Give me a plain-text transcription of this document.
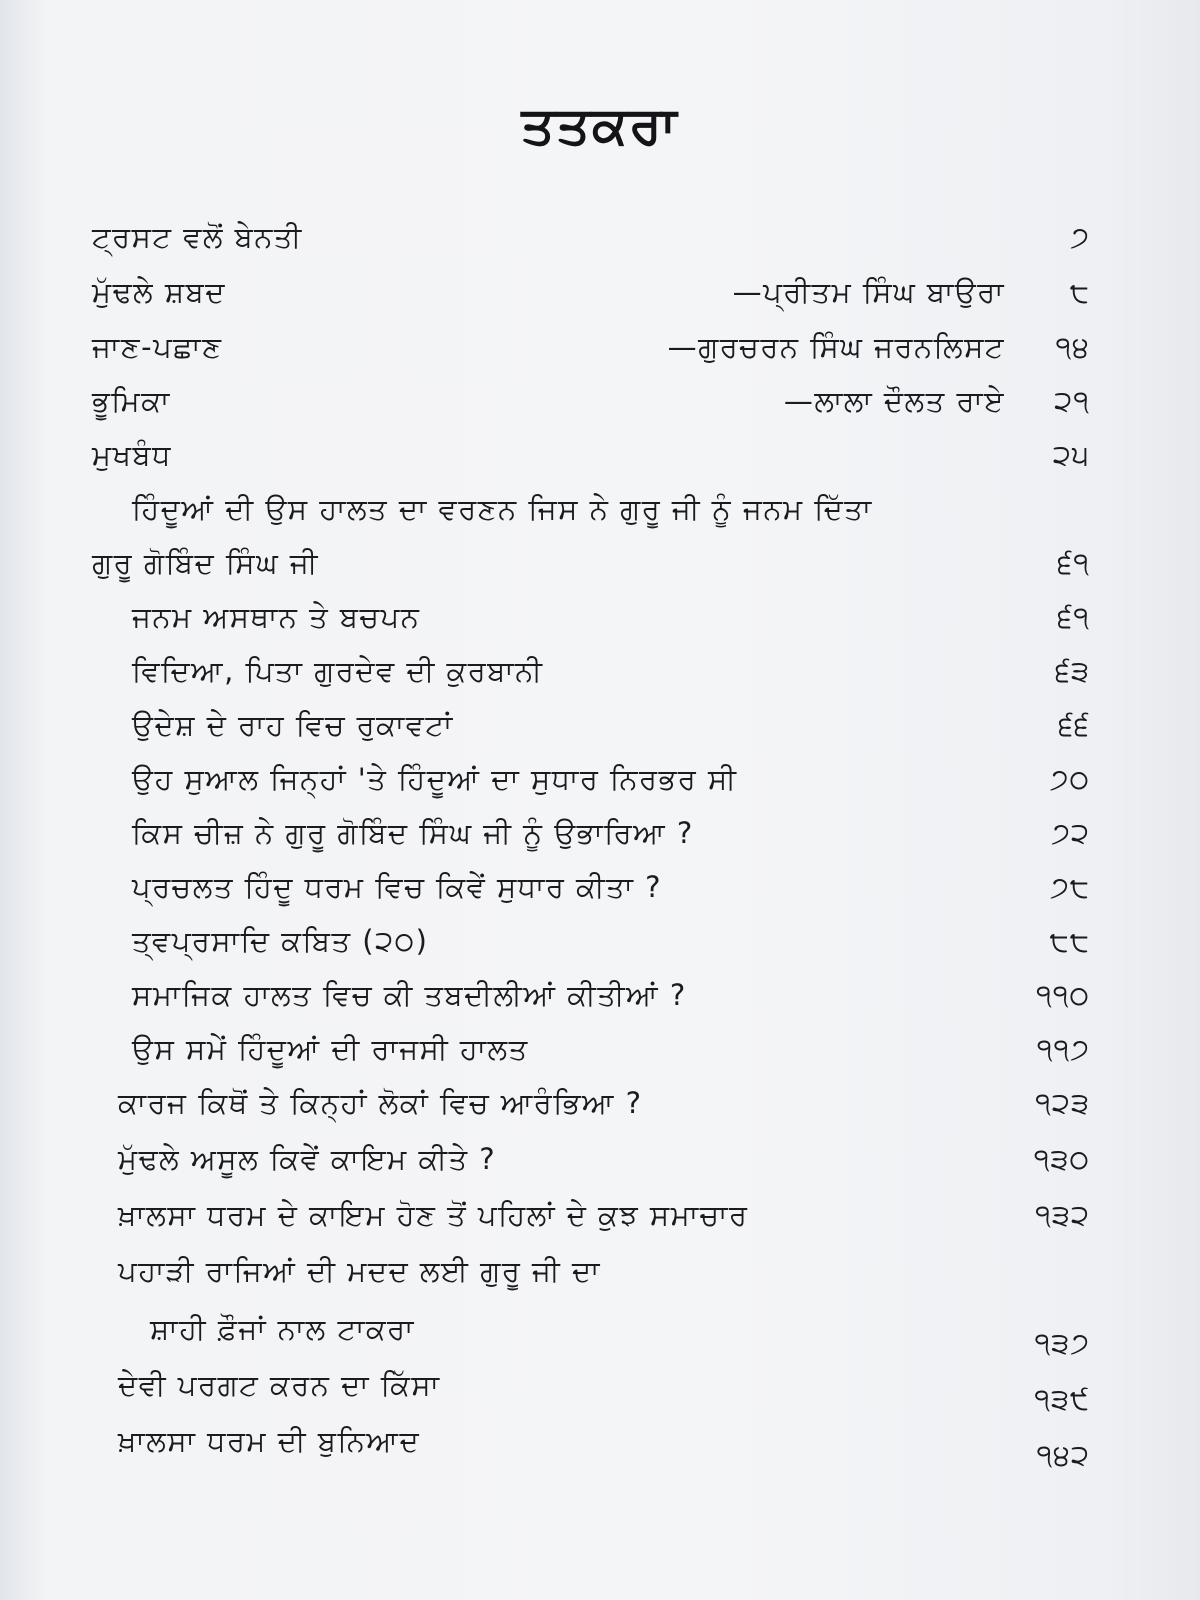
ਤਤਕਰਾ
ਟ੍ਰਸਟ ਵਲੋਂ ਬੇਨਤੀ	੭
ਮੁੱਢਲੇ ਸ਼ਬਦ	—ਪ੍ਰੀਤਮ ਸਿੰਘ ਬਾਉਰਾ ੮
ਜਾਣ-ਪਛਾਣ	—ਗੁਰਚਰਨ ਸਿੰਘ ਜਰਨਲਿਸਟ ੧੪
ਭੂਮਿਕਾ	—ਲਾਲਾ ਦੌਲਤ ਰਾਏ ੨੧
ਮੁਖਬੰਧ	੨੫
ਹਿੰਦੂਆਂ ਦੀ ਉਸ ਹਾਲਤ ਦਾ ਵਰਣਨ ਜਿਸ ਨੇ ਗੁਰੂ ਜੀ ਨੂੰ ਜਨਮ ਦਿੱਤਾ
ਗੁਰੂ ਗੋਬਿੰਦ ਸਿੰਘ ਜੀ	੬੧
ਜਨਮ ਅਸਥਾਨ ਤੇ ਬਚਪਨ	੬੧
ਵਿਦਿਆ, ਪਿਤਾ ਗੁਰਦੇਵ ਦੀ ਕੁਰਬਾਨੀ	੬੩
ਉਦੇਸ਼ ਦੇ ਰਾਹ ਵਿਚ ਰੁਕਾਵਟਾਂ	੬੬
ਉਹ ਸੁਆਲ ਜਿਨ੍ਹਾਂ 'ਤੇ ਹਿੰਦੂਆਂ ਦਾ ਸੁਧਾਰ ਨਿਰਭਰ ਸੀ	੭੦
ਕਿਸ ਚੀਜ਼ ਨੇ ਗੁਰੂ ਗੋਬਿੰਦ ਸਿੰਘ ਜੀ ਨੂੰ ਉਭਾਰਿਆ ?	੭੨
ਪ੍ਰਚਲਤ ਹਿੰਦੂ ਧਰਮ ਵਿਚ ਕਿਵੇਂ ਸੁਧਾਰ ਕੀਤਾ ?	੭੮
ਤ੍ਵਪ੍ਰਸਾਦਿ ਕਬਿਤ (੨੦)	੮੮
ਸਮਾਜਿਕ ਹਾਲਤ ਵਿਚ ਕੀ ਤਬਦੀਲੀਆਂ ਕੀਤੀਆਂ ?	੧੧੦
ਉਸ ਸਮੇਂ ਹਿੰਦੂਆਂ ਦੀ ਰਾਜਸੀ ਹਾਲਤ	੧੧੭
ਕਾਰਜ ਕਿਥੋਂ ਤੇ ਕਿਨ੍ਹਾਂ ਲੋਕਾਂ ਵਿਚ ਆਰੰਭਿਆ ?	੧੨੩
ਮੁੱਢਲੇ ਅਸੂਲ ਕਿਵੇਂ ਕਾਇਮ ਕੀਤੇ ?	੧੩੦
ਖ਼ਾਲਸਾ ਧਰਮ ਦੇ ਕਾਇਮ ਹੋਣ ਤੋਂ ਪਹਿਲਾਂ ਦੇ ਕੁਝ ਸਮਾਚਾਰ	੧੩੨
ਪਹਾੜੀ ਰਾਜਿਆਂ ਦੀ ਮਦਦ ਲਈ ਗੁਰੂ ਜੀ ਦਾ
ਸ਼ਾਹੀ ਫ਼ੌਜਾਂ ਨਾਲ ਟਾਕਰਾ	੧੩੭
ਦੇਵੀ ਪਰਗਟ ਕਰਨ ਦਾ ਕਿੱਸਾ	੧੩੯
ਖ਼ਾਲਸਾ ਧਰਮ ਦੀ ਬੁਨਿਆਦ	੧੪੨
